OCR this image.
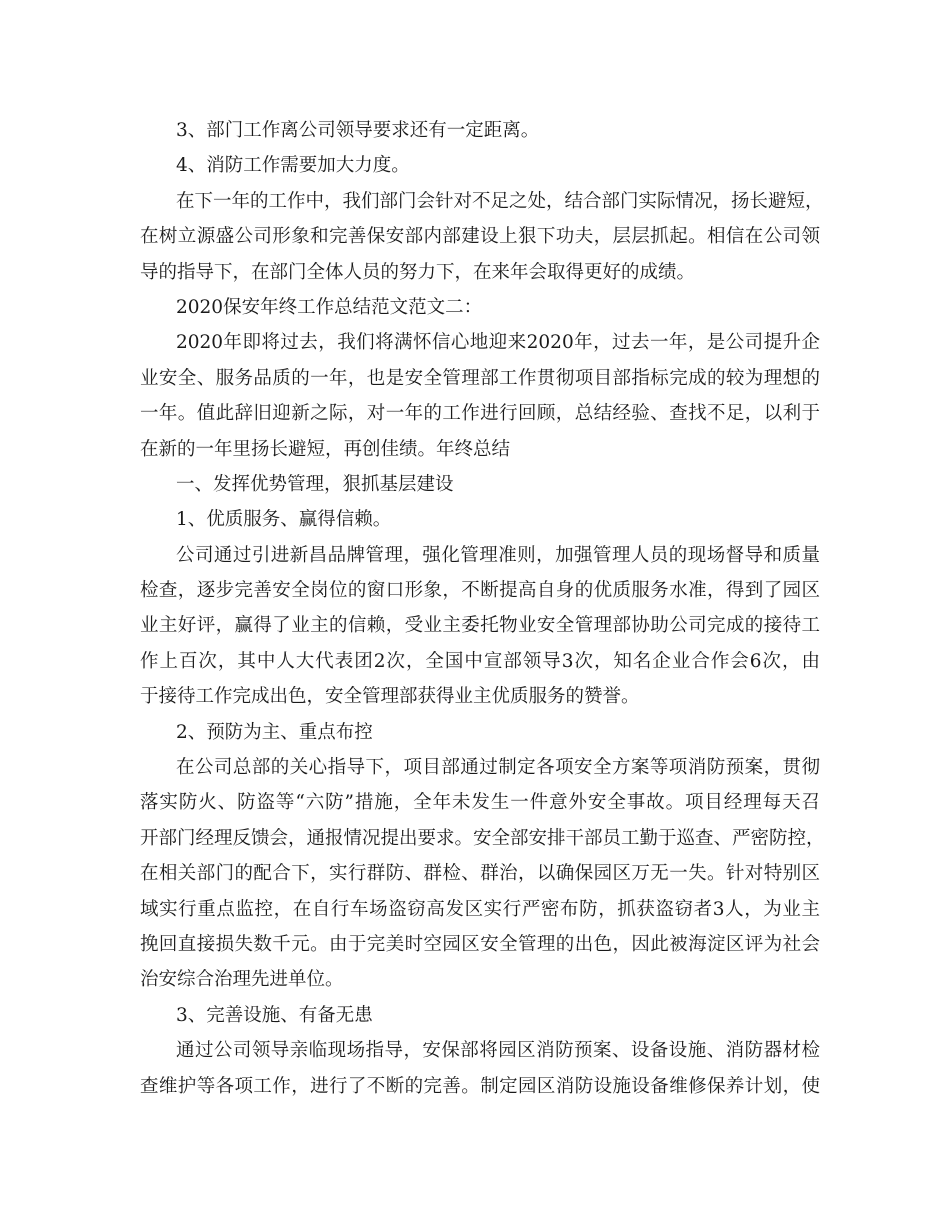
3、部门工作离公司领导要求还有一定距离。
4、消防工作需要加大力度。
在下一年的工作中，我们部门会针对不足之处，结合部门实际情况，扬长避短，
在树立源盛公司形象和完善保安部内部建设上狠下功夫，层层抓起。相信在公司领
导的指导下，在部门全体人员的努力下，在来年会取得更好的成绩。
2020保安年终工作总结范文范文二：
2020年即将过去，我们将满怀信心地迎来2020年，过去一年，是公司提升企
业安全、服务品质的一年，也是安全管理部工作贯彻项目部指标完成的较为理想的
一年。值此辞旧迎新之际，对一年的工作进行回顾，总结经验、查找不足，以利于
在新的一年里扬长避短，再创佳绩。年终总结
一、发挥优势管理，狠抓基层建设
1、优质服务、赢得信赖。
公司通过引进新昌品牌管理，强化管理准则，加强管理人员的现场督导和质量
检查，逐步完善安全岗位的窗口形象，不断提高自身的优质服务水准，得到了园区
业主好评，赢得了业主的信赖，受业主委托物业安全管理部协助公司完成的接待工
作上百次，其中人大代表团2次，全国中宣部领导3次，知名企业合作会6次，由
于接待工作完成出色，安全管理部获得业主优质服务的赞誉。
2、预防为主、重点布控
在公司总部的关心指导下，项目部通过制定各项安全方案等项消防预案，贯彻
落实防火、防盗等“六防”措施，全年未发生一件意外安全事故。项目经理每天召
开部门经理反馈会，通报情况提出要求。安全部安排干部员工勤于巡查、严密防控，
在相关部门的配合下，实行群防、群检、群治，以确保园区万无一失。针对特别区
域实行重点监控，在自行车场盗窃高发区实行严密布防，抓获盗窃者3人，为业主
挽回直接损失数千元。由于完美时空园区安全管理的出色，因此被海淀区评为社会
治安综合治理先进单位。
3、完善设施、有备无患
通过公司领导亲临现场指导，安保部将园区消防预案、设备设施、消防器材检
查维护等各项工作，进行了不断的完善。制定园区消防设施设备维修保养计划，使
